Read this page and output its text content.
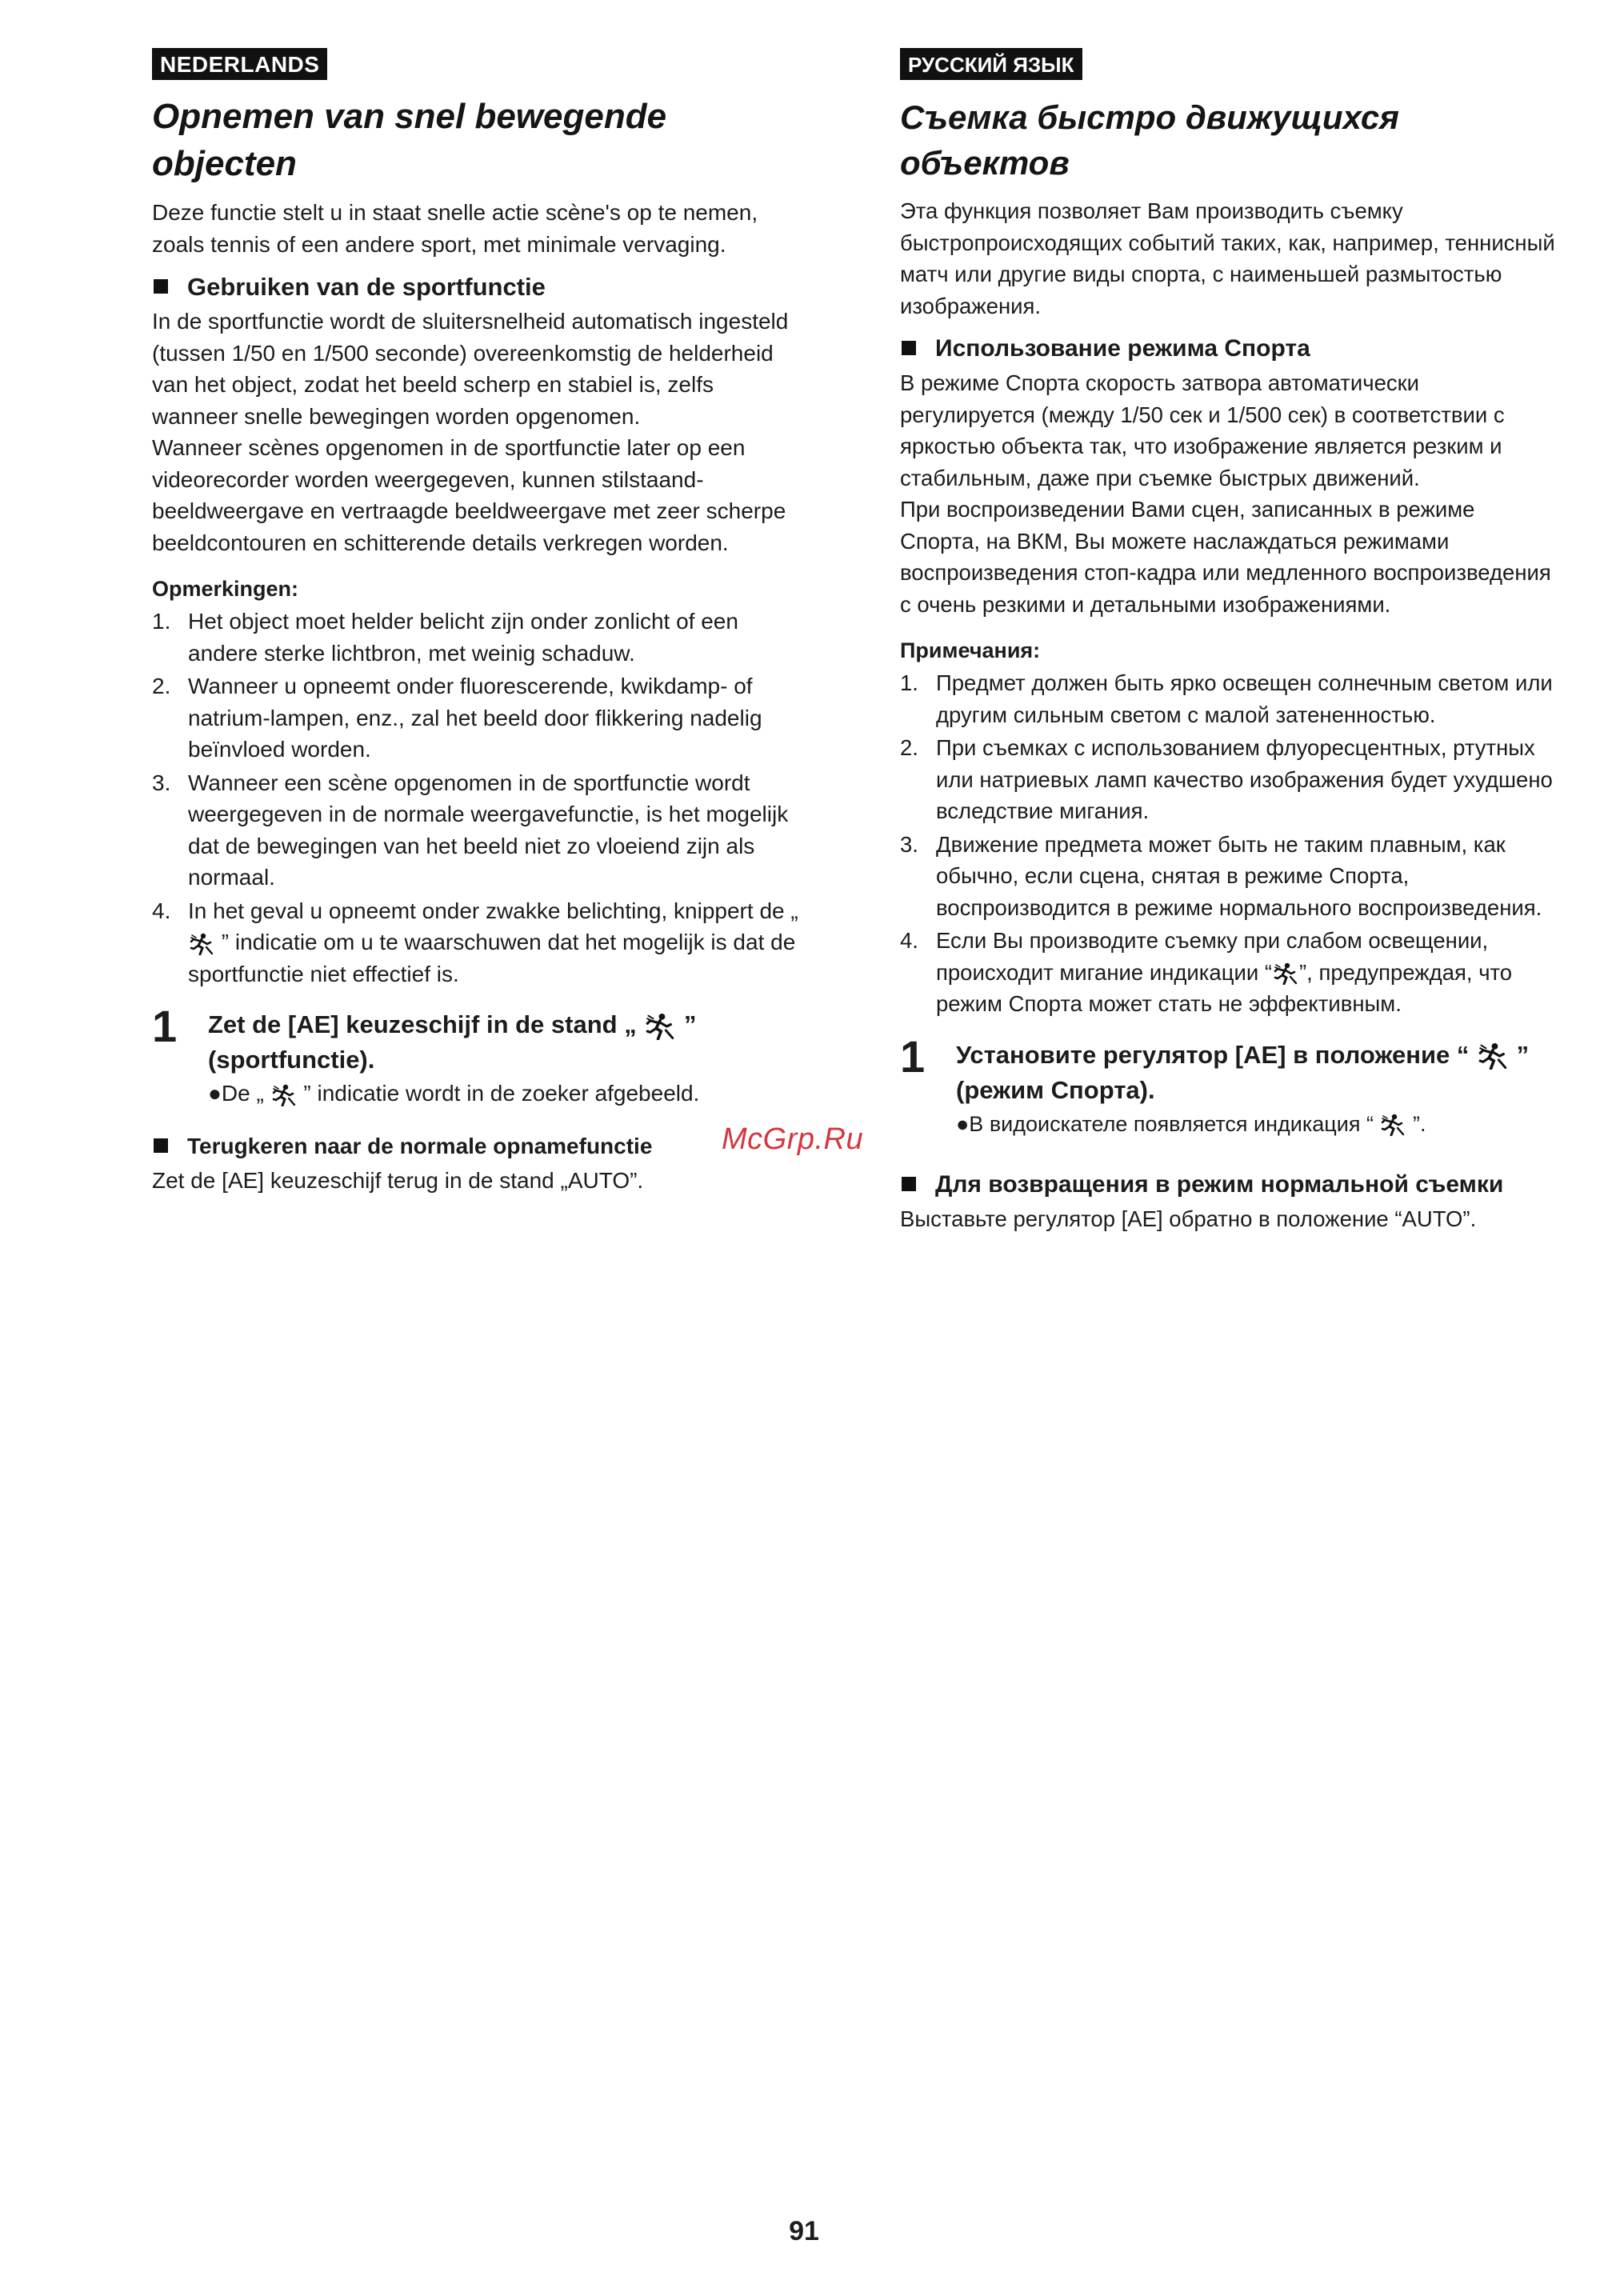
NEDERLANDS
Opnemen van snel bewegende objecten

Deze functie stelt u in staat snelle actie scène's op te nemen, zoals tennis of een andere sport, met minimale vervaging.

Gebruiken van de sportfunctie

In de sportfunctie wordt de sluitersnelheid automatisch ingesteld (tussen 1/50 en 1/500 seconde) overeenkomstig de helderheid van het object, zodat het beeld scherp en stabiel is, zelfs wanneer snelle bewegingen worden opgenomen.

Wanneer scènes opgenomen in de sportfunctie later op een videorecorder worden weergegeven, kunnen stilstaand-beeldweergave en vertraagde beeldweergave met zeer scherpe beeldcontouren en schitterende details verkregen worden.

Opmerkingen:
1. Het object moet helder belicht zijn onder zonlicht of een andere sterke lichtbron, met weinig schaduw.
2. Wanneer u opneemt onder fluorescerende, kwikdamp- of natrium-lampen, enz., zal het beeld door flikkering nadelig beïnvloed worden.
3. Wanneer een scène opgenomen in de sportfunctie wordt weergegeven in de normale weergavefunctie, is het mogelijk dat de bewegingen van het beeld niet zo vloeiend zijn als normaal.
4. In het geval u opneemt onder zwakke belichting, knippert de „  ” indicatie om u te waarschuwen dat het mogelijk is dat de sportfunctie niet effectief is.
1	Zet de [AE] keuzeschijf in de stand „ ” (sportfunctie).
●De „ ” indicatie wordt in de zoeker afgebeeld.
Terugkeren naar de normale opnamefunctie

Zet de [AE] keuzeschijf terug in de stand „AUTO”.

РУССКИЙ ЯЗЫК
Съемка быстро движущихся объектов

Эта функция позволяет Вам производить съемку быстропроисходящих событий таких, как, например, теннисный матч или другие виды спорта, с наименьшей размытостью изображения.

Использование режима Спорта

В режиме Спорта скорость затвора автоматически регулируется (между 1/50 сек и 1/500 сек) в соответствии с яркостью объекта так, что изображение является резким и стабильным, даже при съемке быстрых движений.

При воспроизведении Вами сцен, записанных в режиме Спорта, на ВКМ, Вы можете наслаждаться режимами воспроизведения стоп-кадра или медленного воспроизведения с очень резкими и детальными изображениями.

Примечания:
1. Предмет должен быть ярко освещен солнечным светом или другим сильным светом с малой затененностью.
2. При съемках с использованием флуоресцентных, ртутных или натриевых ламп качество изображения будет ухудшено вследствие мигания.
3. Движение предмета может быть не таким плавным, как обычно, если сцена, снятая в режиме Спорта, воспроизводится в режиме нормального воспроизведения.
4. Если Вы производите съемку при слабом освещении, происходит мигание индикации “ ”, предупреждая, что режим Спорта может стать не эффективным.
1	Установите регулятор [AE] в положение “ ” (режим Спорта).
●В видоискателе появляется индикация “ ”.
Для возвращения в режим нормальной съемки

Выставьте регулятор [AE] обратно в положение “AUTO”.

McGrp.Ru
91
